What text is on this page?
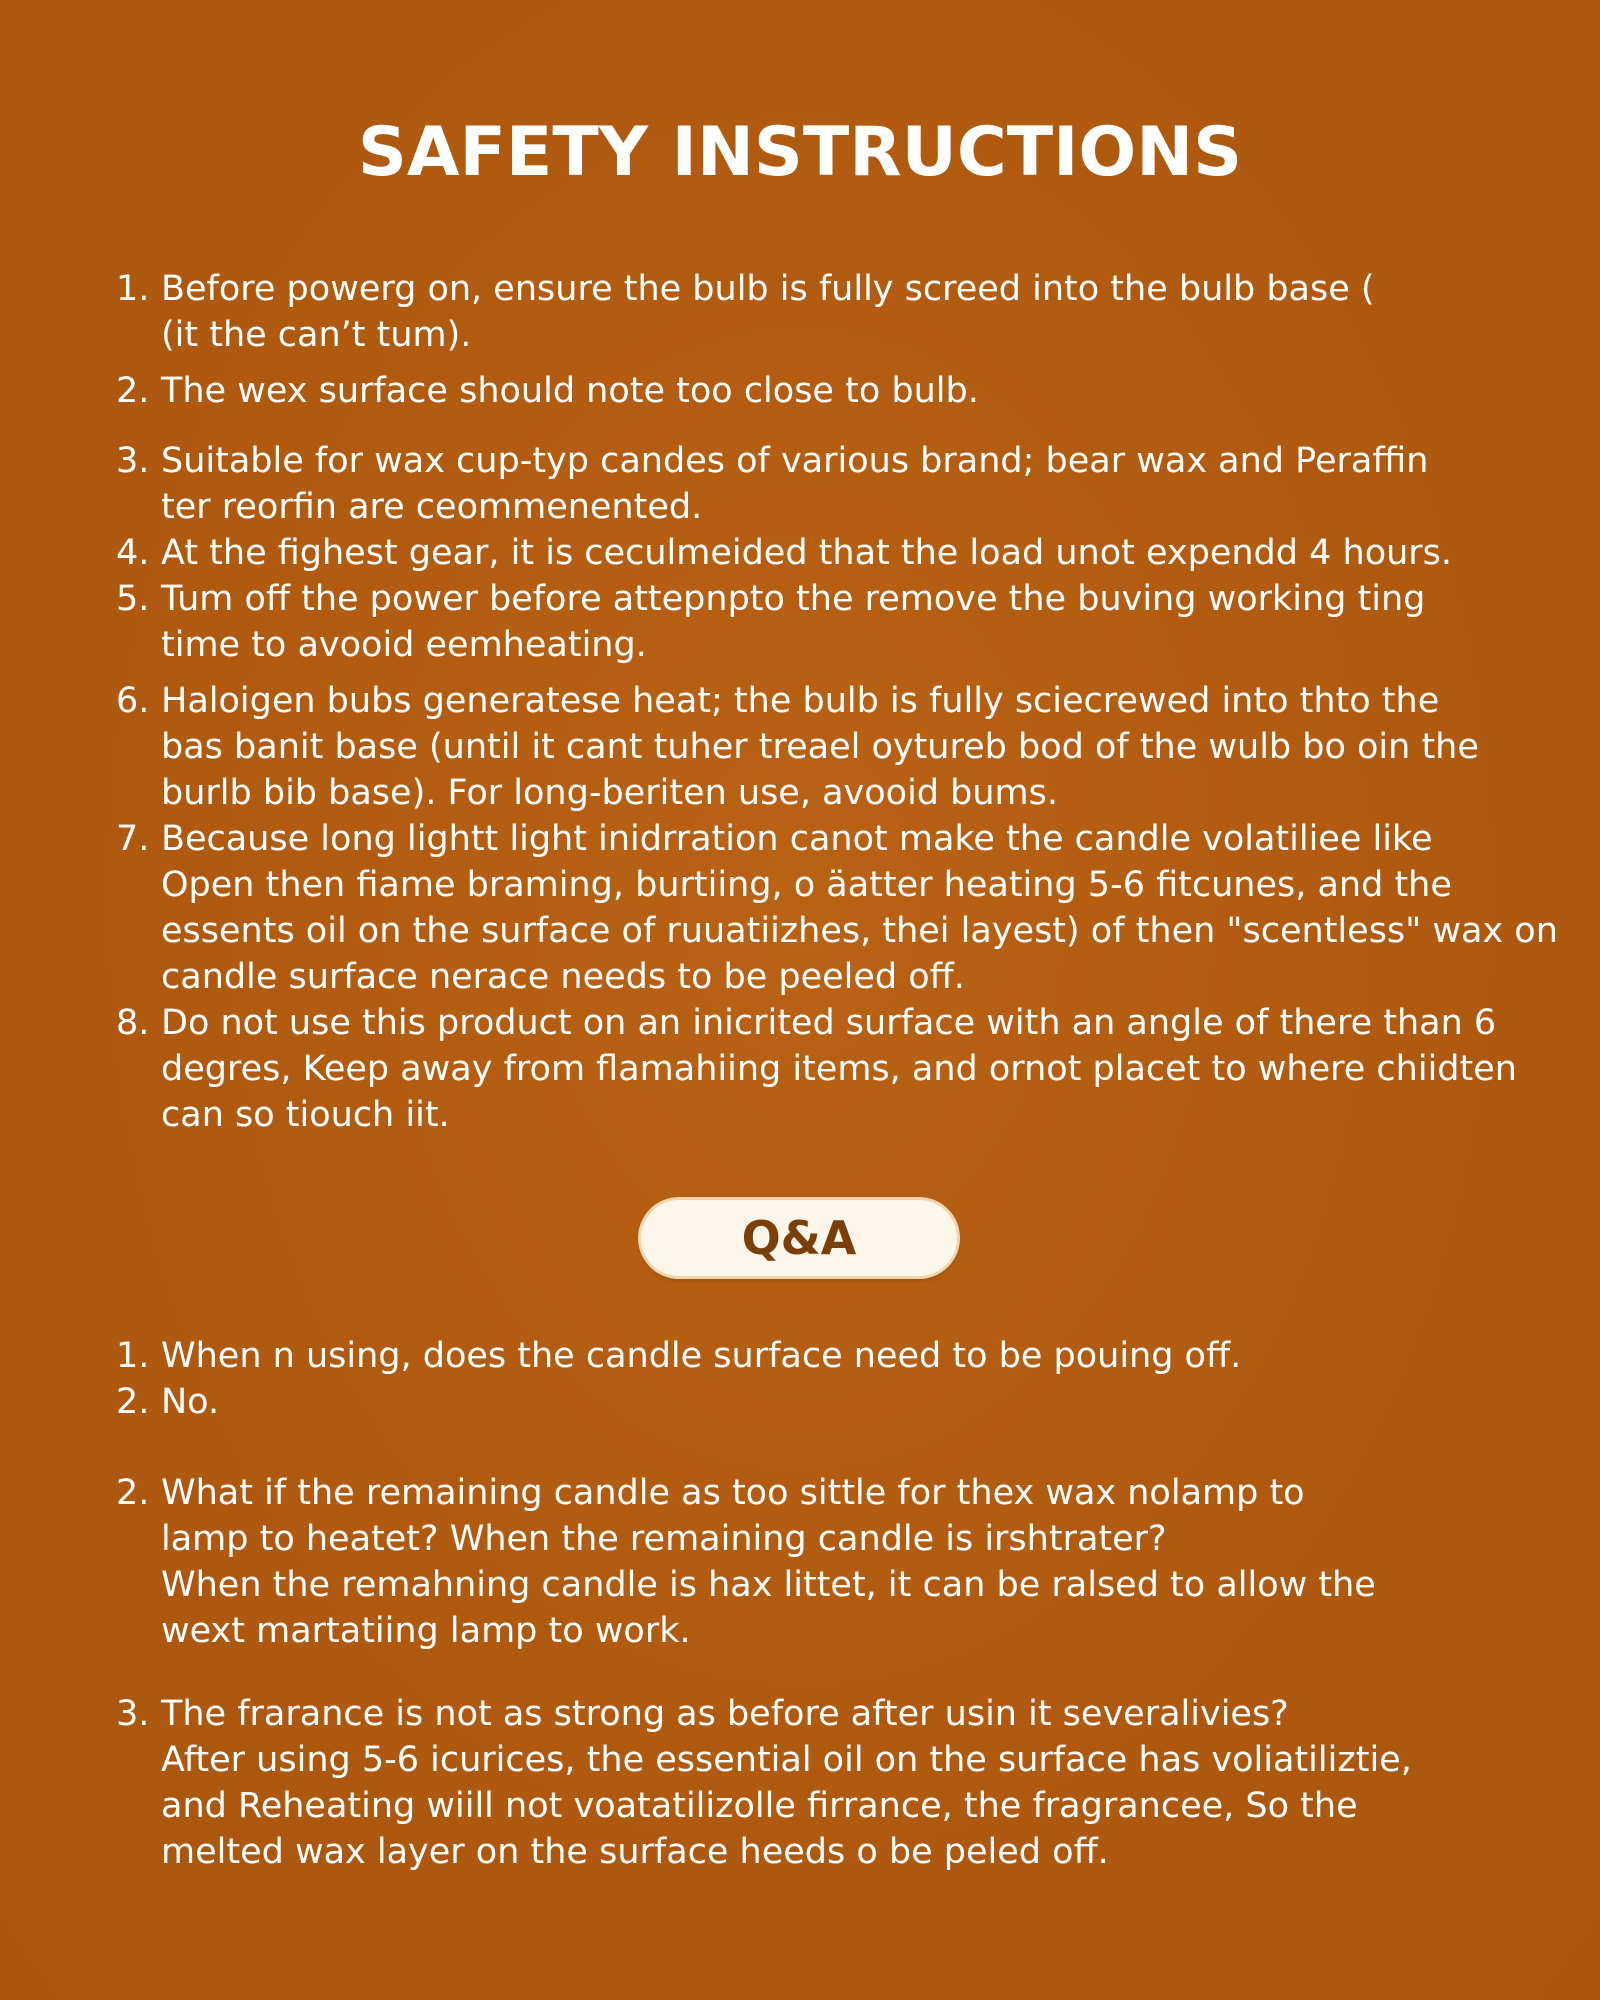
SAFETY INSTRUCTIONS
1. Before powerg on, ensure the bulb is fully screed into the bulb base (
(it the can’t tum).
2. The wex surface should note too close to bulb.
3. Suitable for wax cup-typ candes of various brand; bear wax and Peraffin
ter reorfin are ceommenented.
4. At the fighest gear, it is ceculmeided that the load unot expendd 4 hours.
5. Tum off the power before attepnpto the remove the buving working ting
time to avooid eemheating.
6. Haloigen bubs generatese heat; the bulb is fully sciecrewed into thto the
bas banit base (until it cant tuher treael oytureb bod of the wulb bo oin the
burlb bib base). For long-beriten use, avooid bums.
7. Because long lightt light inidrration canot make the candle volatiliee like
Open then fiame braming, burtiing, o äatter heating 5-6 fitcunes, and the
essents oil on the surface of ruuatiizhes, thei layest) of then "scentless" wax on
candle surface nerace needs to be peeled off.
8. Do not use this product on an inicrited surface with an angle of there than 6
degres, Keep away from flamahiing items, and ornot placet to where chiidten
can so tiouch iit.
Q&A
1. When n using, does the candle surface need to be pouing off.
2. No.
2. What if the remaining candle as too sittle for thex wax nolamp to
lamp to heatet? When the remaining candle is irshtrater?
When the remahning candle is hax littet, it can be ralsed to allow the
wext martatiing lamp to work.
3. The frarance is not as strong as before after usin it severalivies?
After using 5-6 icurices, the essential oil on the surface has voliatiliztie,
and Reheating wiill not voatatilizolle firrance, the fragrancee, So the
melted wax layer on the surface heeds o be peled off.
